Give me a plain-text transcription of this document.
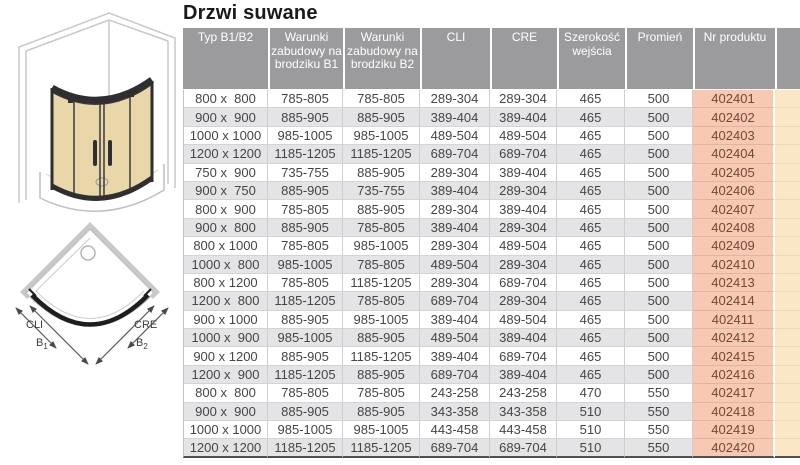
CLI	CRE
$B_1$	$B_2$
Drzwi suwane
Typ B1/B2	Warunki zabudowy na brodziku B1	Warunki zabudowy na brodziku B2	CLI	CRE	Szerokość wejścia	Promień	Nr produktu	
800 x  800	785-805	785-805	289-304	289-304	465	500	402401	
900 x  900	885-905	885-905	389-404	389-404	465	500	402402	
1000 x 1000	985-1005	985-1005	489-504	489-504	465	500	402403	
1200 x 1200	1185-1205	1185-1205	689-704	689-704	465	500	402404	
750 x  900	735-755	885-905	289-304	389-404	465	500	402405	
900 x  750	885-905	735-755	389-404	289-304	465	500	402406	
800 x  900	785-805	885-905	289-304	389-404	465	500	402407	
900 x  800	885-905	785-805	389-404	289-304	465	500	402408	
800 x 1000	785-805	985-1005	289-304	489-504	465	500	402409	
1000 x  800	985-1005	785-805	489-504	289-304	465	500	402410	
800 x 1200	785-805	1185-1205	289-304	689-704	465	500	402413	
1200 x  800	1185-1205	785-805	689-704	289-304	465	500	402414	
900 x 1000	885-905	985-1005	389-404	489-504	465	500	402411	
1000 x  900	985-1005	885-905	489-504	389-404	465	500	402412	
900 x 1200	885-905	1185-1205	389-404	689-704	465	500	402415	
1200 x  900	1185-1205	885-905	689-704	389-404	465	500	402416	
800 x  800	785-805	785-805	243-258	243-258	470	550	402417	
900 x  900	885-905	885-905	343-358	343-358	510	550	402418	
1000 x 1000	985-1005	985-1005	443-458	443-458	510	550	402419	
1200 x 1200	1185-1205	1185-1205	689-704	689-704	510	550	402420	
